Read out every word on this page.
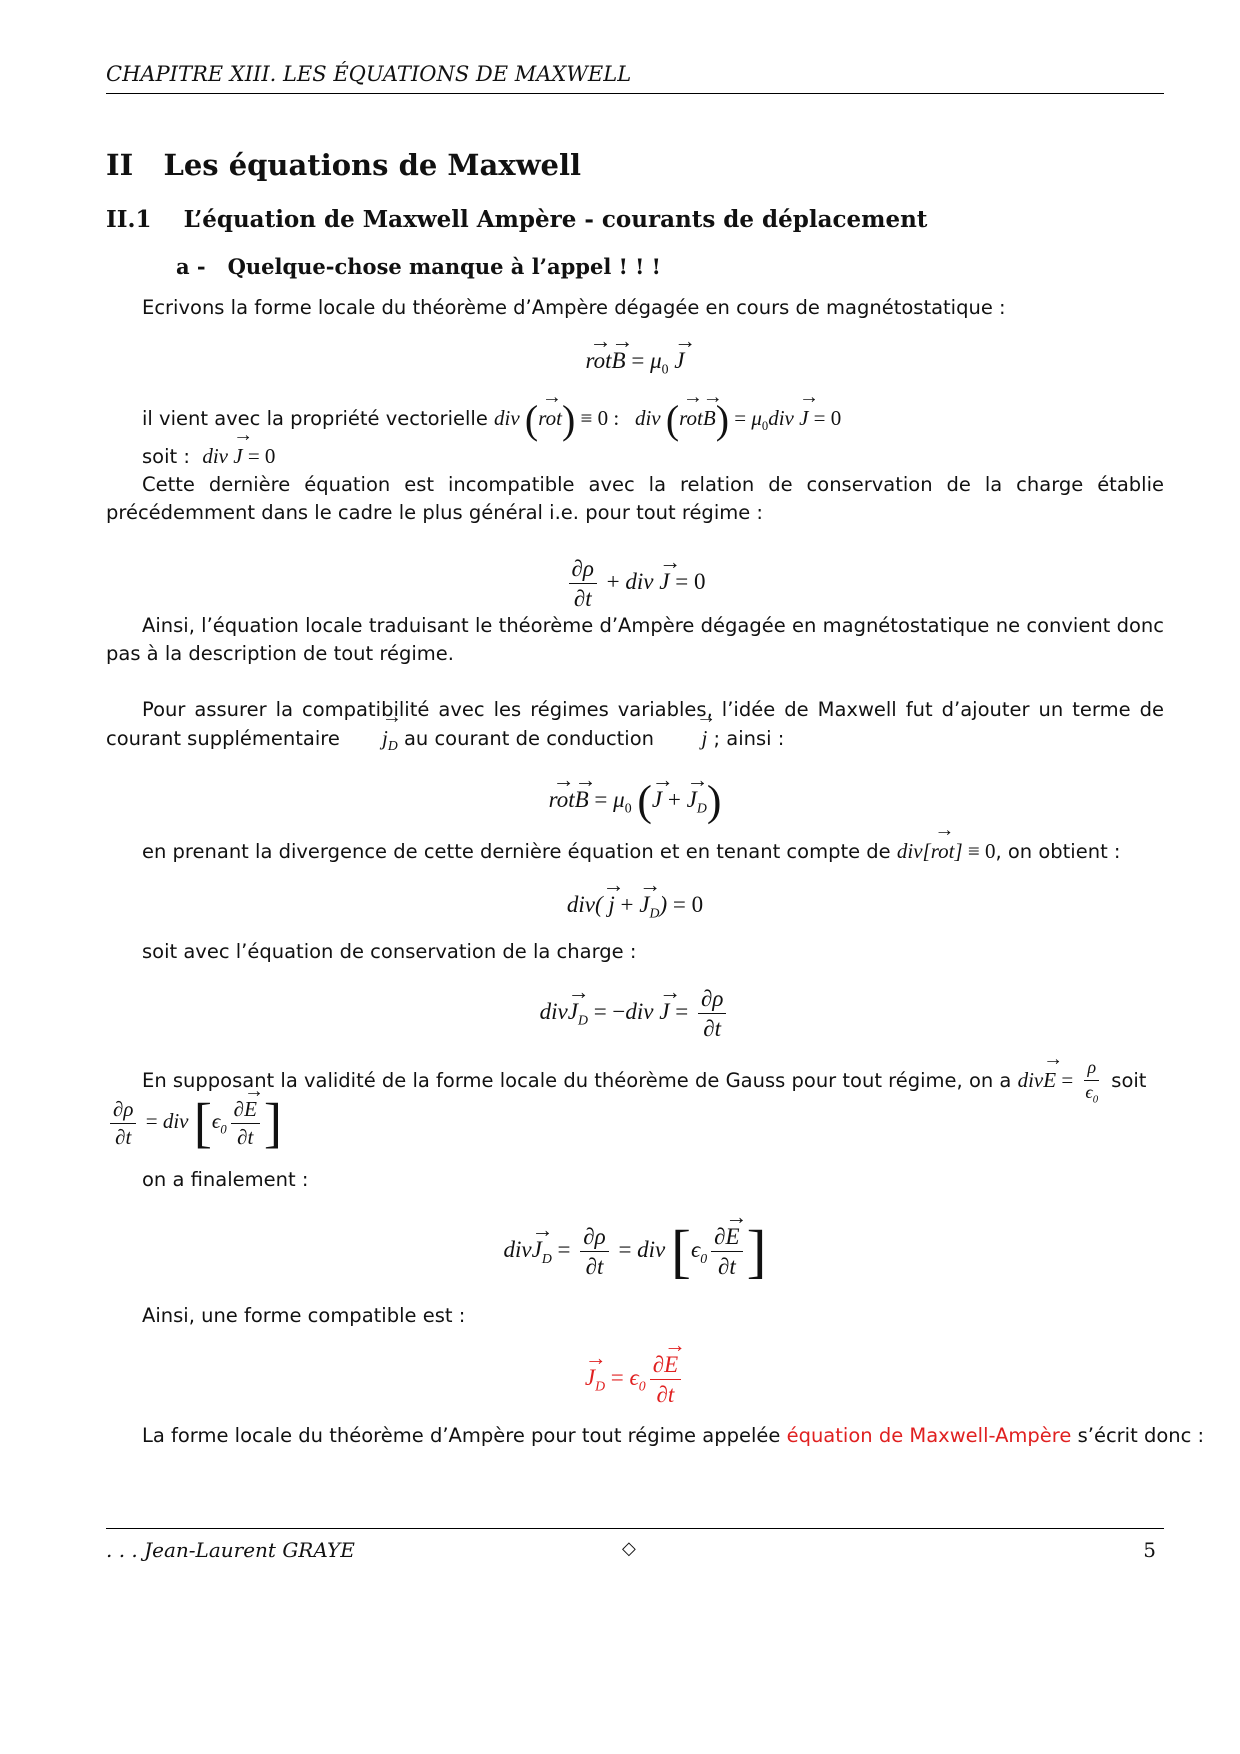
CHAPITRE XIII. LES ÉQUATIONS DE MAXWELL
II Les équations de Maxwell
II.1 L’équation de Maxwell Ampère - courants de déplacement
a - Quelque-chose manque à l’appel ! ! !
Ecrivons la forme locale du théorème d’Ampère dégagée en cours de magnétostatique :
rot →B → = $\mu_0$ J →
il vient avec la propriété vectorielle div (rot →) ≡ 0 :   div (rot →B →) = $\mu_0div$ J → = 0
soit : div J → = 0
Cette dernière équation est incompatible avec la relation de conservation de la charge établie précédemment dans le cadre le plus général i.e. pour tout régime :
$\frac{\partial\rho}{\partial t}$ + div J → = 0
Ainsi, l’équation locale traduisant le théorème d’Ampère dégagée en magnétostatique ne convient donc pas à la description de tout régime.
Pour assurer la compatibilité avec les régimes variables, l’idée de Maxwell fut d’ajouter un terme de courant supplémentaire $j \to_D$ au courant de conduction  j → ; ainsi :
rot →B → = $\mu_0$ (J → + $J \to_D$)
en prenant la divergence de cette dernière équation et en tenant compte de div[rot →] ≡ 0, on obtient :
div( j → + $J \to_D) = 0$
soit avec l’équation de conservation de la charge :
divJ $\to_D = -div$ J → = $\frac{\partial\rho}{\partial t}$
En supposant la validité de la forme locale du théorème de Gauss pour tout régime, on a divE → = $\frac{\rho}{\epsilon_0}$ soit
$\frac{\partial\rho}{\partial t}$ = div [$\epsilon_0 \frac{\partial E \to}{\partial t}$ ]
on a finalement :
divJ $\to_D = \frac{\partial\rho}{\partial t}$ = div [$\epsilon_0 \frac{\partial E \to}{\partial t}$ ]
Ainsi, une forme compatible est :
$J \to_D = \epsilon_0 \frac{\partial E \to}{\partial t}$
La forme locale du théorème d’Ampère pour tout régime appelée équation de Maxwell-Ampère s’écrit donc :
. . . Jean-Laurent GRAYE	◇	5
